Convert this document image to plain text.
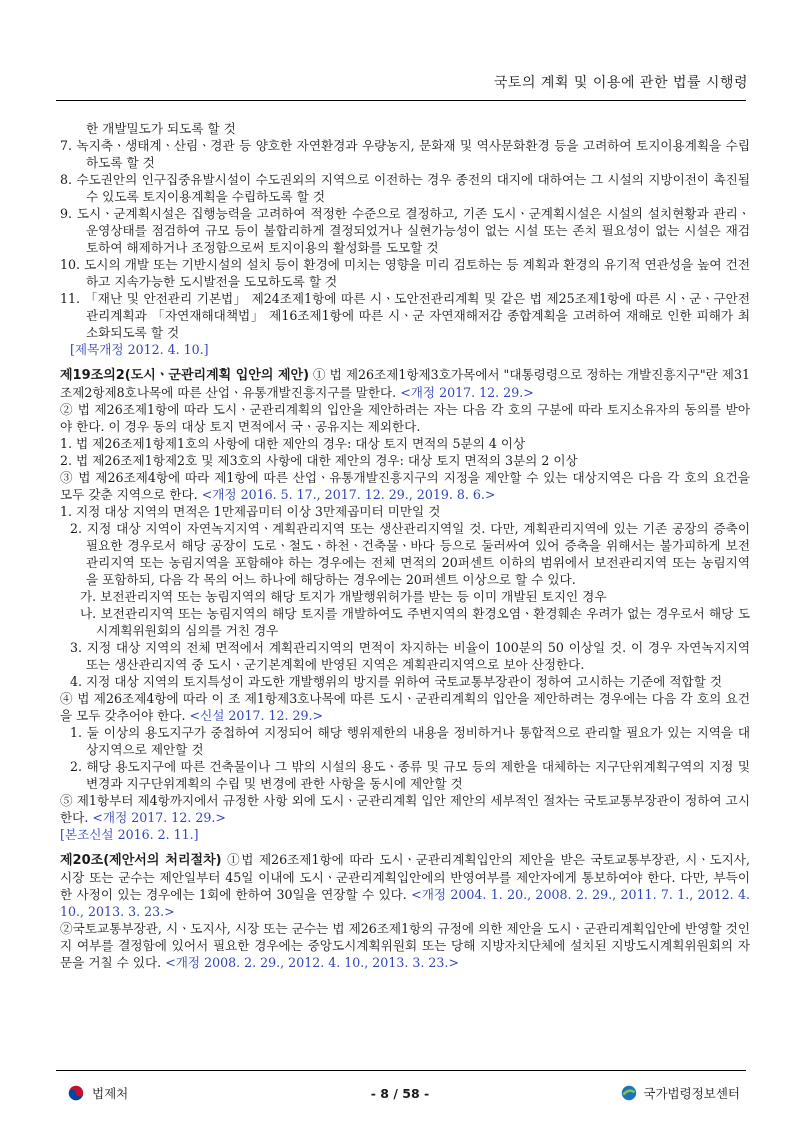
국토의 계획 및 이용에 관한 법률 시행령

한 개발밀도가 되도록 할 것

7. 녹지축ㆍ생태계ㆍ산림ㆍ경관 등 양호한 자연환경과 우량농지, 문화재 및 역사문화환경 등을 고려하여 토지이용계획을 수립하도록 할 것

8. 수도권안의 인구집중유발시설이 수도권외의 지역으로 이전하는 경우 종전의 대지에 대하여는 그 시설의 지방이전이 촉진될 수 있도록 토지이용계획을 수립하도록 할 것

9. 도시ㆍ군계획시설은 집행능력을 고려하여 적정한 수준으로 결정하고, 기존 도시ㆍ군계획시설은 시설의 설치현황과 관리ㆍ운영상태를 점검하여 규모 등이 불합리하게 결정되었거나 실현가능성이 없는 시설 또는 존치 필요성이 없는 시설은 재검토하여 해제하거나 조정함으로써 토지이용의 활성화를 도모할 것

10. 도시의 개발 또는 기반시설의 설치 등이 환경에 미치는 영향을 미리 검토하는 등 계획과 환경의 유기적 연관성을 높여 건전하고 지속가능한 도시발전을 도모하도록 할 것

11. 「재난 및 안전관리 기본법」 제24조제1항에 따른 시ㆍ도안전관리계획 및 같은 법 제25조제1항에 따른 시ㆍ군ㆍ구안전관리계획과 「자연재해대책법」 제16조제1항에 따른 시ㆍ군 자연재해저감 종합계획을 고려하여 재해로 인한 피해가 최소화되도록 할 것

[제목개정 2012. 4. 10.]

제19조의2(도시ㆍ군관리계획 입안의 제안) ① 법 제26조제1항제3호가목에서 "대통령령으로 정하는 개발진흥지구"란 제31조제2항제8호나목에 따른 산업ㆍ유통개발진흥지구를 말한다. <개정 2017. 12. 29.>

② 법 제26조제1항에 따라 도시ㆍ군관리계획의 입안을 제안하려는 자는 다음 각 호의 구분에 따라 토지소유자의 동의를 받아야 한다. 이 경우 동의 대상 토지 면적에서 국ㆍ공유지는 제외한다.

1. 법 제26조제1항제1호의 사항에 대한 제안의 경우: 대상 토지 면적의 5분의 4 이상

2. 법 제26조제1항제2호 및 제3호의 사항에 대한 제안의 경우: 대상 토지 면적의 3분의 2 이상

③ 법 제26조제4항에 따라 제1항에 따른 산업ㆍ유통개발진흥지구의 지정을 제안할 수 있는 대상지역은 다음 각 호의 요건을 모두 갖춘 지역으로 한다. <개정 2016. 5. 17., 2017. 12. 29., 2019. 8. 6.>

1. 지정 대상 지역의 면적은 1만제곱미터 이상 3만제곱미터 미만일 것

2. 지정 대상 지역이 자연녹지지역ㆍ계획관리지역 또는 생산관리지역일 것. 다만, 계획관리지역에 있는 기존 공장의 증축이 필요한 경우로서 해당 공장이 도로ㆍ철도ㆍ하천ㆍ건축물ㆍ바다 등으로 둘러싸여 있어 증축을 위해서는 불가피하게 보전관리지역 또는 농림지역을 포함해야 하는 경우에는 전체 면적의 20퍼센트 이하의 범위에서 보전관리지역 또는 농림지역을 포함하되, 다음 각 목의 어느 하나에 해당하는 경우에는 20퍼센트 이상으로 할 수 있다.

가. 보전관리지역 또는 농림지역의 해당 토지가 개발행위허가를 받는 등 이미 개발된 토지인 경우

나. 보전관리지역 또는 농림지역의 해당 토지를 개발하여도 주변지역의 환경오염ㆍ환경훼손 우려가 없는 경우로서 해당 도시계획위원회의 심의를 거친 경우

3. 지정 대상 지역의 전체 면적에서 계획관리지역의 면적이 차지하는 비율이 100분의 50 이상일 것. 이 경우 자연녹지지역 또는 생산관리지역 중 도시ㆍ군기본계획에 반영된 지역은 계획관리지역으로 보아 산정한다.

4. 지정 대상 지역의 토지특성이 과도한 개발행위의 방지를 위하여 국토교통부장관이 정하여 고시하는 기준에 적합할 것

④ 법 제26조제4항에 따라 이 조 제1항제3호나목에 따른 도시ㆍ군관리계획의 입안을 제안하려는 경우에는 다음 각 호의 요건을 모두 갖추어야 한다. <신설 2017. 12. 29.>

1. 둘 이상의 용도지구가 중첩하여 지정되어 해당 행위제한의 내용을 정비하거나 통합적으로 관리할 필요가 있는 지역을 대상지역으로 제안할 것

2. 해당 용도지구에 따른 건축물이나 그 밖의 시설의 용도ㆍ종류 및 규모 등의 제한을 대체하는 지구단위계획구역의 지정 및 변경과 지구단위계획의 수립 및 변경에 관한 사항을 동시에 제안할 것

⑤ 제1항부터 제4항까지에서 규정한 사항 외에 도시ㆍ군관리계획 입안 제안의 세부적인 절차는 국토교통부장관이 정하여 고시한다. <개정 2017. 12. 29.>

[본조신설 2016. 2. 11.]

제20조(제안서의 처리절차) ①법 제26조제1항에 따라 도시ㆍ군관리계획입안의 제안을 받은 국토교통부장관, 시ㆍ도지사, 시장 또는 군수는 제안일부터 45일 이내에 도시ㆍ군관리계획입안에의 반영여부를 제안자에게 통보하여야 한다. 다만, 부득이한 사정이 있는 경우에는 1회에 한하여 30일을 연장할 수 있다. <개정 2004. 1. 20., 2008. 2. 29., 2011. 7. 1., 2012. 4. 10., 2013. 3. 23.>

②국토교통부장관, 시ㆍ도지사, 시장 또는 군수는 법 제26조제1항의 규정에 의한 제안을 도시ㆍ군관리계획입안에 반영할 것인지 여부를 결정함에 있어서 필요한 경우에는 중앙도시계획위원회 또는 당해 지방자치단체에 설치된 지방도시계획위원회의 자문을 거칠 수 있다. <개정 2008. 2. 29., 2012. 4. 10., 2013. 3. 23.>

법제처	- 8 / 58 -	국가법령정보센터
